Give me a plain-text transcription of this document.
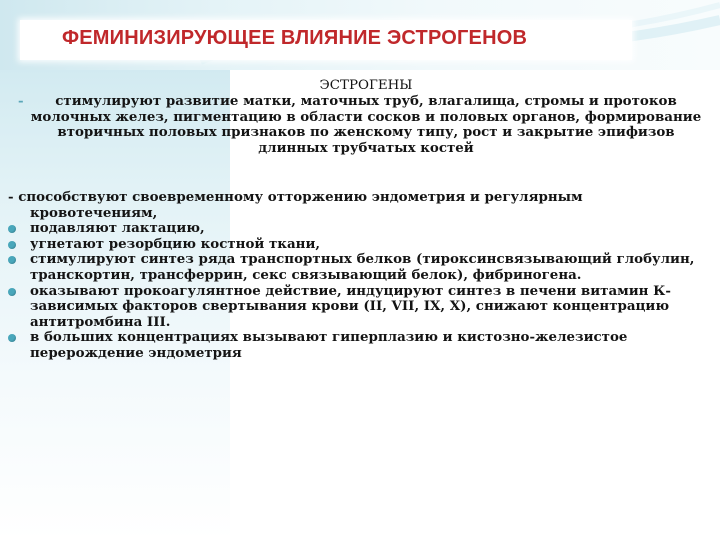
ФЕМИНИЗИРУЮЩЕЕ ВЛИЯНИЕ ЭСТРОГЕНОВ
ЭСТРОГЕНЫ
-	стимулируют развитие матки, маточных труб, влагалища, стромы и протоков молочных желез, пигментацию в области сосков и половых органов, формирование вторичных половых признаков по женскому типу, рост и закрытие эпифизов длинных трубчатых костей
- способствуют своевременному отторжению эндометрия и регулярным
кровотечениям,
подавляют лактацию,
угнетают резорбцию костной ткани,
стимулируют синтез ряда транспортных белков (тироксинсвязывающий глобулин, транскортин, трансферрин, секс связывающий белок), фибриногена.
оказывают прокоагулянтное действие, индуцируют синтез в печени витамин К-зависимых факторов свертывания крови (II, VII, IX, X), снижают концентрацию антитромбина III.
в больших концентрациях вызывают гиперплазию и кистозно-железистое перерождение эндометрия
